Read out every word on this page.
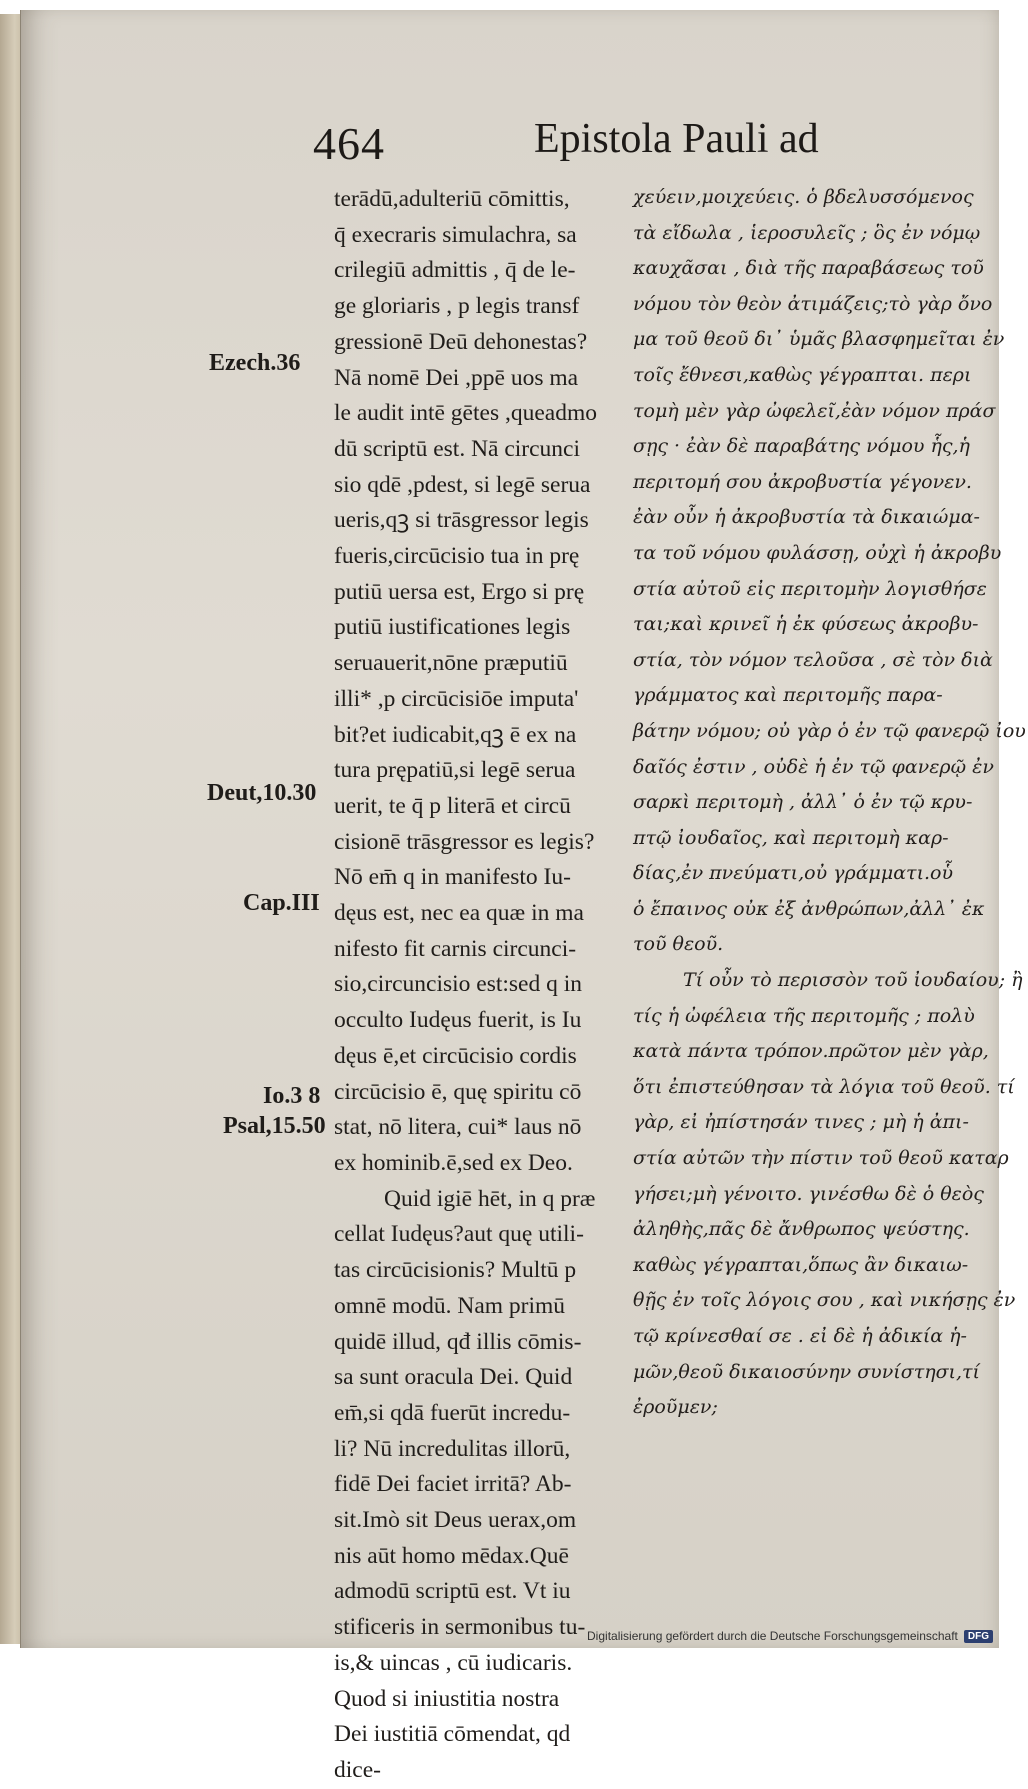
464	Epistola Pauli ad
Ezech.36
Deut,10.30
Cap.III
Io.3 8
Psal,15.50
terādū,adulteriū cōmittis,
q̄ execraris simulachra, sa
crilegiū admittis , q̄ de le-
ge gloriaris , p legis transf
gressionē Deū dehonestas?
Nā nomē Dei ,ppē uos ma
le audit intē gētes ,queadmo
dū scriptū est. Nā circunci
sio qdē ,pdest, si legē serua
ueris,qꝫ si trāsgressor legis
fueris,circūcisio tua in prę
putiū uersa est, Ergo si prę
putiū iustificationes legis
seruauerit,nōne præputiū
illi* ,p circūcisiōe imputa'
bit?et iudicabit,qꝫ ē ex na
tura prępatiū,si legē serua
uerit, te q̄ p literā et circū
cisionē trāsgressor es legis?
Nō em̄ q in manifesto Iu-
dęus est, nec ea quæ in ma
nifesto fit carnis circunci-
sio,circuncisio est:sed q in
occulto Iudęus fuerit, is Iu
dęus ē,et circūcisio cordis
circūcisio ē, quę spiritu cō
stat, nō litera, cui* laus nō
ex hominib.ē,sed ex Deo.
Quid igiē hēt, in q præ
cellat Iudęus?aut quę utili-
tas circūcisionis? Multū p
omnē modū. Nam primū
quidē illud, qđ illis cōmis-
sa sunt oracula Dei. Quid
em̄,si qdā fuerūt incredu-
li? Nū incredulitas illorū,
fidē Dei faciet irritā? Ab-
sit.Imò sit Deus uerax,om
nis aūt homo mēdax.Quē
admodū scriptū est. Vt iu
stificeris in sermonibus tu-
is,& uincas , cū iudicaris.
Quod si iniustitia nostra
Dei iustitiā cōmendat, qd
dice-
χεύειν,μοιχεύεις. ὁ βδελυσσόμενος
τὰ εἴδωλα , ἱεροσυλεῖς ; ὃς ἐν νόμῳ
καυχᾶσαι , διὰ τῆς παραβάσεως τοῦ
νόμου τὸν θεὸν ἀτιμάζεις;τὸ γὰρ ὄνο
μα τοῦ θεοῦ δι᾽ ὑμᾶς βλασφημεῖται ἐν
τοῖς ἔθνεσι,καθὼς γέγραπται. περι
τομὴ μὲν γὰρ ὠφελεῖ,ἐὰν νόμον πράσ
σῃς · ἐὰν δὲ παραβάτης νόμου ἧς,ἡ
περιτομή σου ἀκροβυστία γέγονεν.
ἐὰν οὖν ἡ ἀκροβυστία τὰ δικαιώμα-
τα τοῦ νόμου φυλάσσῃ, οὐχὶ ἡ ἀκροβυ
στία αὐτοῦ εἰς περιτομὴν λογισθήσε
ται;καὶ κρινεῖ ἡ ἐκ φύσεως ἀκροβυ-
στία, τὸν νόμον τελοῦσα , σὲ τὸν διὰ
γράμματος καὶ περιτομῆς παρα-
βάτην νόμου; οὐ γὰρ ὁ ἐν τῷ φανερῷ ἰου
δαῖός ἐστιν , οὐδὲ ἡ ἐν τῷ φανερῷ ἐν
σαρκὶ περιτομὴ , ἀλλ᾽ ὁ ἐν τῷ κρυ-
πτῷ ἰουδαῖος, καὶ περιτομὴ καρ-
δίας,ἐν πνεύματι,οὐ γράμματι.οὗ
ὁ ἔπαινος οὐκ ἐξ ἀνθρώπων,ἀλλ᾽ ἐκ
τοῦ θεοῦ.
Τί οὖν τὸ περισσὸν τοῦ ἰουδαίου; ἢ
τίς ἡ ὠφέλεια τῆς περιτομῆς ; πολὺ
κατὰ πάντα τρόπον.πρῶτον μὲν γὰρ,
ὅτι ἐπιστεύθησαν τὰ λόγια τοῦ θεοῦ. τί
γὰρ, εἰ ἠπίστησάν τινες ; μὴ ἡ ἀπι-
στία αὐτῶν τὴν πίστιν τοῦ θεοῦ καταρ
γήσει;μὴ γένοιτο. γινέσθω δὲ ὁ θεὸς
ἀληθὴς,πᾶς δὲ ἄνθρωπος ψεύστης.
καθὼς γέγραπται,ὅπως ἂν δικαιω-
θῇς ἐν τοῖς λόγοις σου , καὶ νικήσῃς ἐν
τῷ κρίνεσθαί σε . εἰ δὲ ἡ ἀδικία ἡ-
μῶν,θεοῦ δικαιοσύνην συνίστησι,τί
ἐροῦμεν;
Digitalisierung gefördert durch die Deutsche Forschungsgemeinschaft	DFG
